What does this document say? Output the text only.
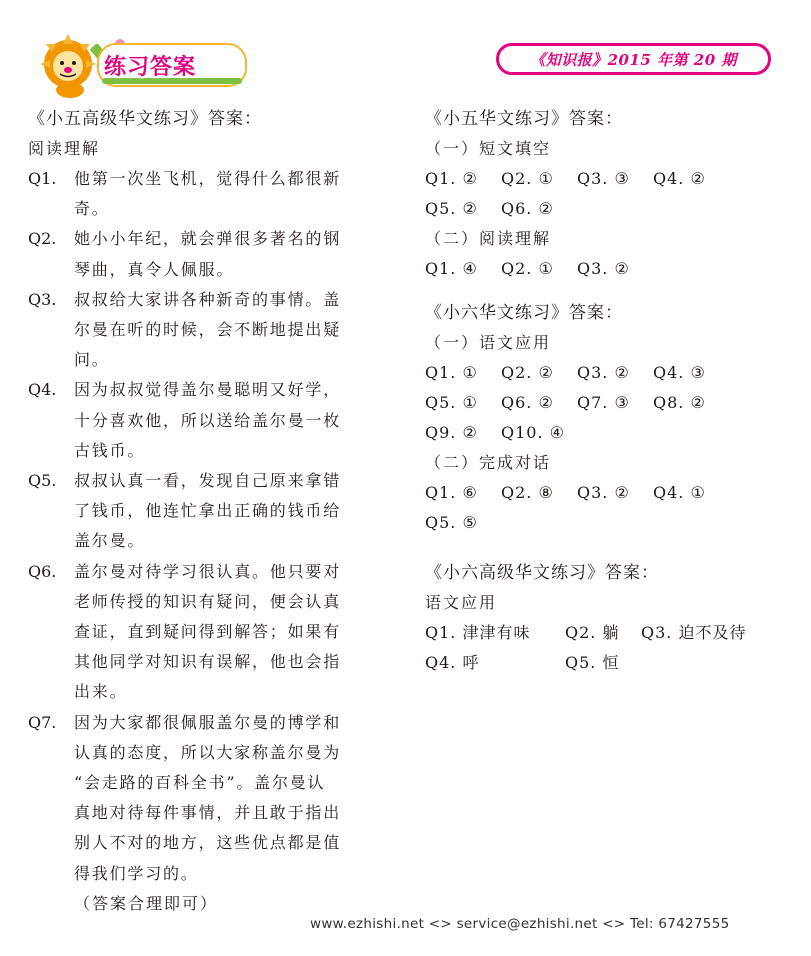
练习答案	《知识报》2015 年第 20 期
《小五高级华文练习》答案：
阅读理解
Q1.	他第一次坐飞机，觉得什么都很新
奇。
Q2.	她小小年纪，就会弹很多著名的钢
琴曲，真令人佩服。
Q3.	叔叔给大家讲各种新奇的事情。盖
尔曼在听的时候，会不断地提出疑
问。
Q4.	因为叔叔觉得盖尔曼聪明又好学，
十分喜欢他，所以送给盖尔曼一枚
古钱币。
Q5.	叔叔认真一看，发现自己原来拿错
了钱币，他连忙拿出正确的钱币给
盖尔曼。
Q6.	盖尔曼对待学习很认真。他只要对
老师传授的知识有疑问，便会认真
查证，直到疑问得到解答；如果有
其他同学对知识有误解，他也会指
出来。
Q7.	因为大家都很佩服盖尔曼的博学和
认真的态度，所以大家称盖尔曼为
“会走路的百科全书”。盖尔曼认
真地对待每件事情，并且敢于指出
别人不对的地方，这些优点都是值
得我们学习的。
（答案合理即可）
《小五华文练习》答案：
（一）短文填空
Q1. ②	Q2. ①	Q3. ③	Q4. ②
Q5. ②	Q6. ②
（二）阅读理解
Q1. ④	Q2. ①	Q3. ②
《小六华文练习》答案：
（一）语文应用
Q1. ①	Q2. ②	Q3. ②	Q4. ③
Q5. ①	Q6. ②	Q7. ③	Q8. ②
Q9. ②	Q10. ④
（二）完成对话
Q1. ⑥	Q2. ⑧	Q3. ②	Q4. ①
Q5. ⑤
《小六高级华文练习》答案：
语文应用
Q1. 津津有味	Q2. 躺	Q3. 迫不及待
Q4. 呼	Q5. 恒
www.ezhishi.net <> service@ezhishi.net <> Tel: 67427555
